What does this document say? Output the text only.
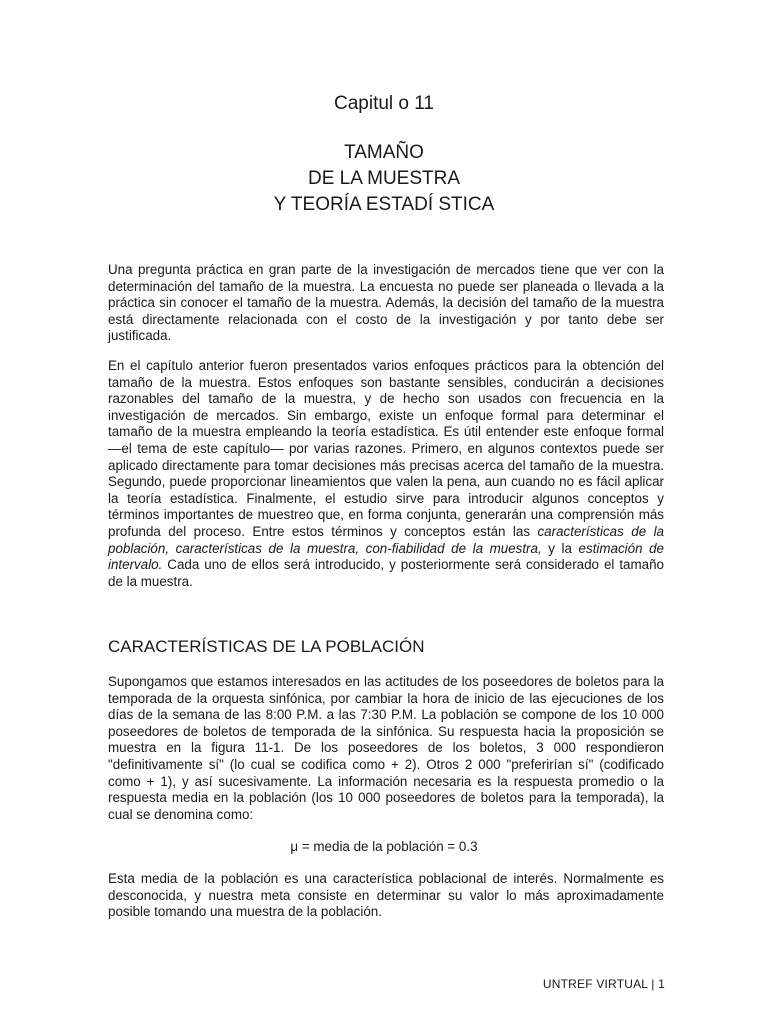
Capitul o 11
TAMAÑO
DE LA MUESTRA
Y TEORÍA ESTADÍ STICA

Una pregunta práctica en gran parte de la investigación de mercados tiene que ver con la determinación del tamaño de la muestra. La encuesta no puede ser planeada o llevada a la práctica sin conocer el tamaño de la muestra. Además, la decisión del tamaño de la muestra está directamente relacionada con el costo de la investigación y por tanto debe ser justificada.

En el capítulo anterior fueron presentados varios enfoques prácticos para la obtención del tamaño de la muestra. Estos enfoques son bastante sensibles, conducirán a decisiones razonables del tamaño de la muestra, y de hecho son usados con frecuencia en la investigación de mercados. Sin embargo, existe un enfoque formal para determinar el tamaño de la muestra empleando la teoría estadística. Es útil entender este enfoque formal —el tema de este capítulo— por varias razones. Primero, en algunos contextos puede ser aplicado directamente para tomar decisiones más precisas acerca del tamaño de la muestra. Segundo, puede proporcionar lineamientos que valen la pena, aun cuando no es fácil aplicar la teoría estadística. Finalmente, el estudio sirve para introducir algunos conceptos y términos importantes de muestreo que, en forma conjunta, generarán una comprensión más profunda del proceso. Entre estos términos y conceptos están las características de la población, características de la muestra, con-fiabilidad de la muestra, y la estimación de intervalo. Cada uno de ellos será introducido, y posteriormente será considerado el tamaño de la muestra.

CARACTERÍSTICAS DE LA POBLACIÓN

Supongamos que estamos interesados en las actitudes de los poseedores de boletos para la temporada de la orquesta sinfónica, por cambiar la hora de inicio de las ejecuciones de los días de la semana de las 8:00 P.M. a las 7:30 P.M. La población se compone de los 10 000 poseedores de boletos de temporada de la sinfónica. Su respuesta hacia la proposición se muestra en la figura 11-1. De los poseedores de los boletos, 3 000 respondieron "definitivamente sí" (lo cual se codifica como + 2). Otros 2 000 "preferirían sí" (codificado como + 1), y así sucesivamente. La información necesaria es la respuesta promedio o la respuesta media en la población (los 10 000 poseedores de boletos para la temporada), la cual se denomina como:

μ = media de la población = 0.3

Esta media de la población es una característica poblacional de interés. Normalmente es desconocida, y nuestra meta consiste en determinar su valor lo más aproximadamente posible tomando una muestra de la población.

UNTREF VIRTUAL | 1
